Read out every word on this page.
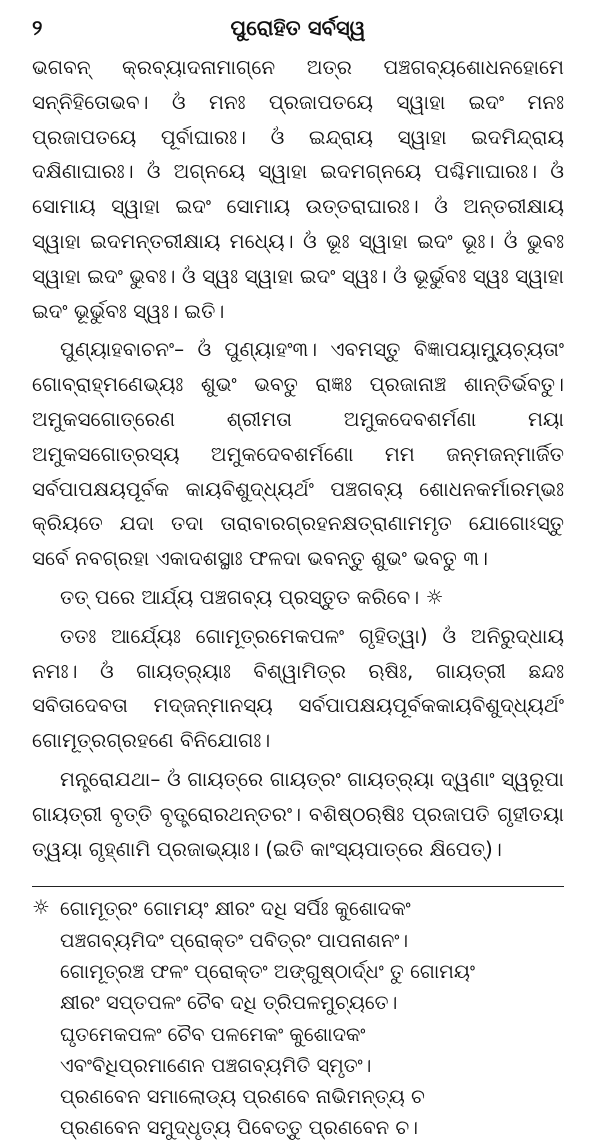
୨	ପୁରୋହିତ ସର୍ବସ୍ୱ

ଭଗବନ୍ କ୍ରବ୍ୟାଦନାମାଗ୍ନେ ଅତ୍ର ପଞ୍ଚଗବ୍ୟଶୋଧନହୋମେ ସନ୍ନିହିତୋଭବ। ଓଁ ମନଃ ପ୍ରଜାପତୟେ ସ୍ୱାହା ଇଦଂ ମନଃ ପ୍ରଜାପତୟେ ପୂର୍ବାଘାରଃ। ଓଁ ଇନ୍ଦ୍ରାୟ ସ୍ୱାହା ଇଦମିନ୍ଦ୍ରାୟ ଦକ୍ଷିଣାଘାରଃ। ଓଁ ଅଗ୍ନୟେ ସ୍ୱାହା ଇଦମଗ୍ନୟେ ପଶ୍ଚିମାଘାରଃ। ଓଁ ସୋମାୟ ସ୍ୱାହା ଇଦଂ ସୋମାୟ ଉତ୍ତରାଘାରଃ। ଓଁ ଅନ୍ତରୀକ୍ଷାୟ ସ୍ୱାହା ଇଦମନ୍ତରୀକ୍ଷାୟ ମଧ୍ୟେ। ଓଁ ଭୂଃ ସ୍ୱାହା ଇଦଂ ଭୂଃ। ଓଁ ଭୁବଃ ସ୍ୱାହା ଇଦଂ ଭୁବଃ। ଓଁ ସ୍ୱଃ ସ୍ୱାହା ଇଦଂ ସ୍ୱଃ। ଓଁ ଭୂର୍ଭୁବଃ ସ୍ୱଃ ସ୍ୱାହା ଇଦଂ ଭୂର୍ଭୁବଃ ସ୍ୱଃ। ଇତି।

ପୁଣ୍ୟାହବାଚନଂ– ଓଁ ପୁଣ୍ୟାହଂ୩। ଏବମସ୍ତୁ ବିଜ୍ଞାପୟାମ୍ୟୁଚ୍ୟତାଂ ଗୋବ୍ରାହ୍ମଣେଭ୍ୟଃ ଶୁଭଂ ଭବତୁ ରାଜ୍ଞଃ ପ୍ରଜାନାଞ୍ଚ ଶାନ୍ତିର୍ଭବତୁ। ଅମୁକସଗୋତ୍ରେଣ ଶ୍ରୀମତା ଅମୁକଦେବଶର୍ମଣା ମୟା ଅମୁକସଗୋତ୍ରସ୍ୟ ଅମୁକଦେବଶର୍ମଣୋ ମମ ଜନ୍ମଜନ୍ମାର୍ଜିତ ସର୍ବପାପକ୍ଷୟପୂର୍ବକ କାୟବିଶୁଦ୍ଧ୍ୟର୍ଥଂ ପଞ୍ଚଗବ୍ୟ ଶୋଧନକର୍ମାରମ୍ଭଃ କ୍ରିୟତେ ଯଦା ତଦା ତାରାବାରଗ୍ରହନକ୍ଷତ୍ରାଣାମମୃତ ଯୋଗୋଽସ୍ତୁ ସର୍ବେ ନବଗ୍ରହା ଏକାଦଶସ୍ଥାଃ ଫଳଦା ଭବନ୍ତୁ ଶୁଭଂ ଭବତୁ ୩।

ତତ୍ ପରେ ଆର୍ଯ୍ୟ ପଞ୍ଚଗବ୍ୟ ପ୍ରସ୍ତୁତ କରିବେ। ☼

ତତଃ ଆର୍ଯ୍ୟେଃ ଗୋମୂତ୍ରମେକପଳଂ ଗୃହିତ୍ୱା) ଓଁ ଅନିରୁଦ୍ଧାୟ ନମଃ। ଓଁ ଗାୟତ୍ର୍ୟାଃ ବିଶ୍ୱାମିତ୍ର ଋଷିଃ, ଗାୟତ୍ରୀ ଛନ୍ଦଃ ସବିତାଦେବତା ମଦ୍‌ଜନ୍ମାନସ୍ୟ ସର୍ବପାପକ୍ଷୟପୂର୍ବକକାୟବିଶୁଦ୍ଧ୍ୟର୍ଥଂ ଗୋମୂତ୍ରଗ୍ରହଣେ ବିନିଯୋଗଃ।

ମନ୍ତ୍ରୋଯଥା– ଓଁ ଗାୟତ୍ରେ ଗାୟତ୍ରଂ ଗାୟତ୍ର୍ୟା ଦ୍ୱଣାଂ ସ୍ୱରୂପା ଗାୟତ୍ରୀ ବୃତ୍ତି ବୃତ୍ତ୍ରୋରଥନ୍ତରଂ। ବଶିଷ୍ଠଋଷିଃ ପ୍ରଜାପତି ଗୃହୀତୟା ତ୍ୱୟା ଗୃହ୍ଣାମି ପ୍ରଜାଭ୍ୟାଃ। (ଇତି କାଂସ୍ୟପାତ୍ରେ କ୍ଷିପେତ୍)।

☼ ଗୋମୂତ୍ରଂ ଗୋମୟଂ କ୍ଷୀରଂ ଦଧି ସର୍ପିଃ କୁଶୋଦକଂ
ପଞ୍ଚଗବ୍ୟମିଦଂ ପ୍ରୋକ୍ତଂ ପବିତ୍ରଂ ପାପନାଶନଂ।
ଗୋମୂତ୍ରଞ୍ଚ ଫଳଂ ପ୍ରୋକ୍ତଂ ଅଙ୍ଗୁଷ୍ଠାର୍ଦ୍ଧଂ ତୁ ଗୋମୟଂ
କ୍ଷୀରଂ ସପ୍ତପଳଂ ଚୈବ ଦଧି ତ୍ରିପଳମୁଚ୍ୟତେ।
ଘୃତମେକପଳଂ ଚୈବ ପଳମେକଂ କୁଶୋଦକଂ
ଏବଂବିଧିପ୍ରମାଣେନ ପଞ୍ଚଗବ୍ୟମିତି ସ୍ମୃତଂ।
ପ୍ରଣବେନ ସମାଲୋଡ୍ୟ ପ୍ରଣବେ ନାଭିମନ୍ତ୍ୟ ଚ
ପ୍ରଣବେନ ସମୁଦ୍ଧୃତ୍ୟ ପିବେତ୍ତୁ ପ୍ରଣବେନ ଚ।
